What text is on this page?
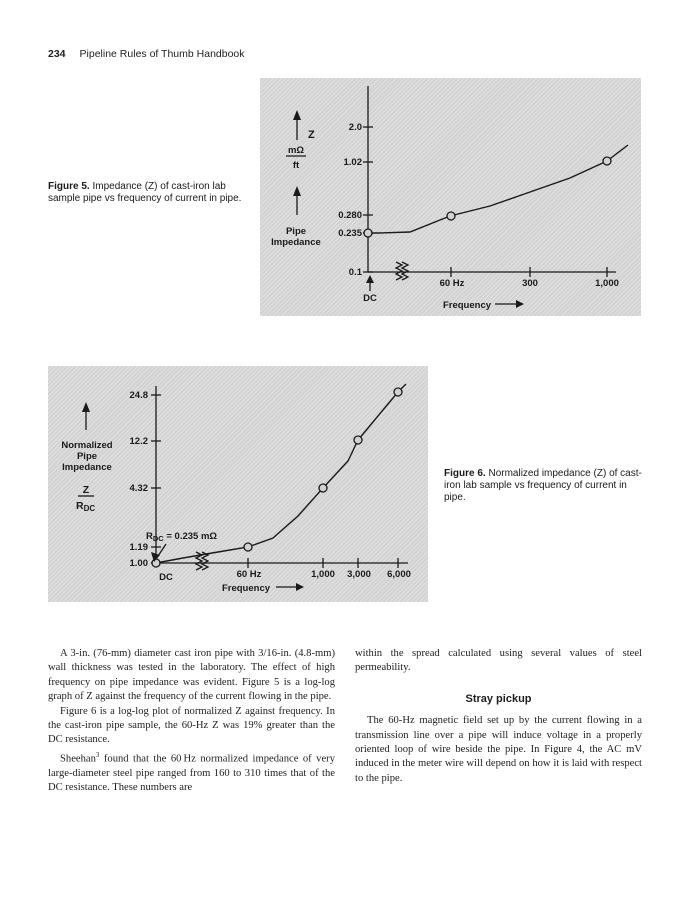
234 Pipeline Rules of Thumb Handbook
Figure 5. Impedance (Z) of cast-iron lab sample pipe vs frequency of current in pipe.
2.0
1.02
0.280
0.235
0.1
60 Hz	300	1,000
DC
Frequency
Z
mΩ
ft
Pipe
Impedance
24.8
12.2
4.32
1.19
1.00
60 Hz	1,000 3,000 6,000
DC
Frequency
Normalized
Pipe
Impedance
Z
RDC
$R_{DC} = 0.235$ mΩ
Figure 6. Normalized impedance (Z) of cast-iron lab sample vs frequency of current in pipe.

A 3-in. (76-mm) diameter cast iron pipe with 3/16-in. (4.8-mm) wall thickness was tested in the laboratory. The effect of high frequency on pipe impedance was evident. Figure 5 is a log-log graph of Z against the frequency of the current flowing in the pipe.

Figure 6 is a log-log plot of normalized Z against frequency. In the cast-iron pipe sample, the 60-Hz Z was 19% greater than the DC resistance.

Sheehan$^3$ found that the 60 Hz normalized impedance of very large-diameter steel pipe ranged from 160 to 310 times that of the DC resistance. These numbers are

within the spread calculated using several values of steel permeability.

Stray pickup

The 60-Hz magnetic field set up by the current flowing in a transmission line over a pipe will induce voltage in a properly oriented loop of wire beside the pipe. In Figure 4, the AC mV induced in the meter wire will depend on how it is laid with respect to the pipe.
